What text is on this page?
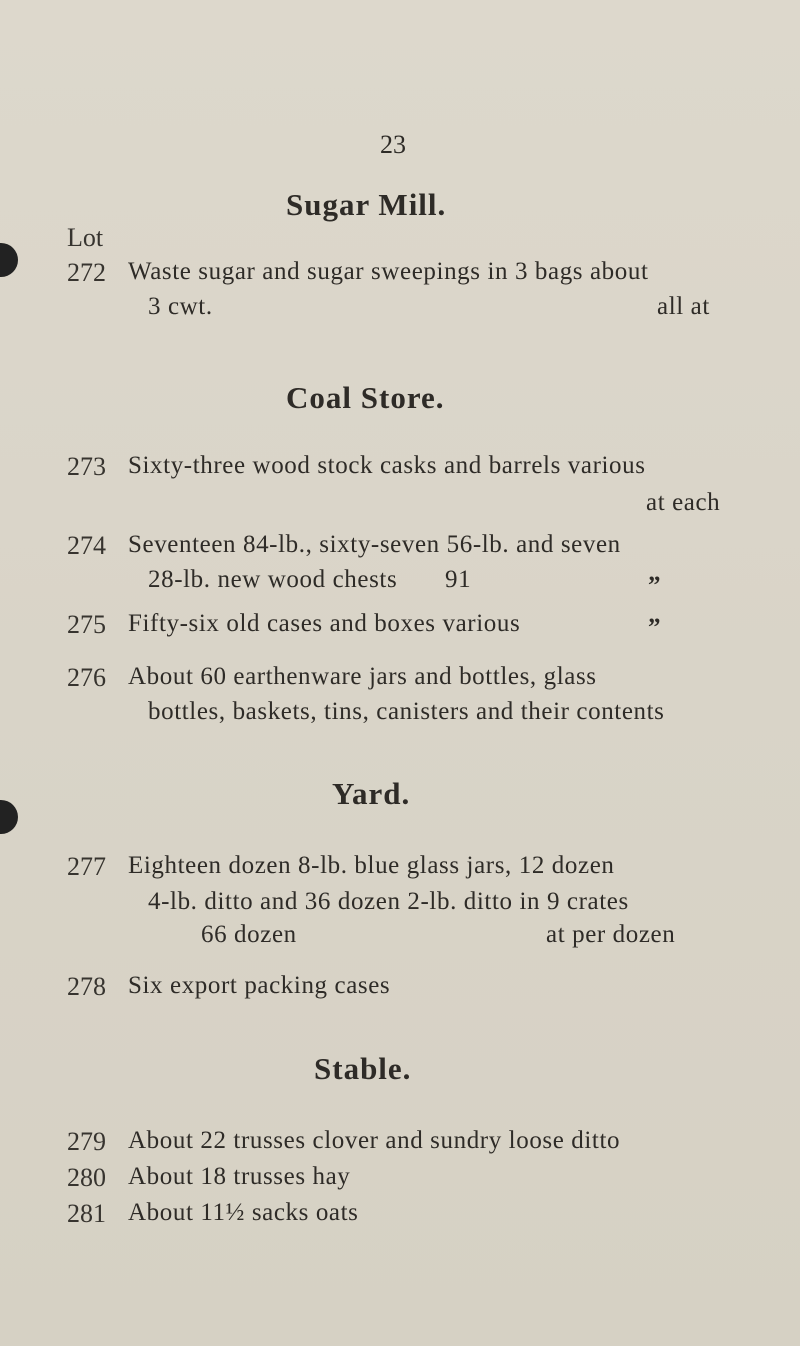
23
Sugar Mill.
Lot
272 Waste sugar and sugar sweepings in 3 bags about
3 cwt.	all at
Coal Store.
273 Sixty-three wood stock casks and barrels various
at each
274 Seventeen 84-lb., sixty-seven 56-lb. and seven
28-lb. new wood chests 91	”
275 Fifty-six old cases and boxes various	”
276 About 60 earthenware jars and bottles, glass
bottles, baskets, tins, canisters and their contents
Yard.
277 Eighteen dozen 8-lb. blue glass jars, 12 dozen
4-lb. ditto and 36 dozen 2-lb. ditto in 9 crates
66 dozen	at per dozen
278 Six export packing cases
Stable.
279 About 22 trusses clover and sundry loose ditto
280 About 18 trusses hay
281 About 11½ sacks oats
